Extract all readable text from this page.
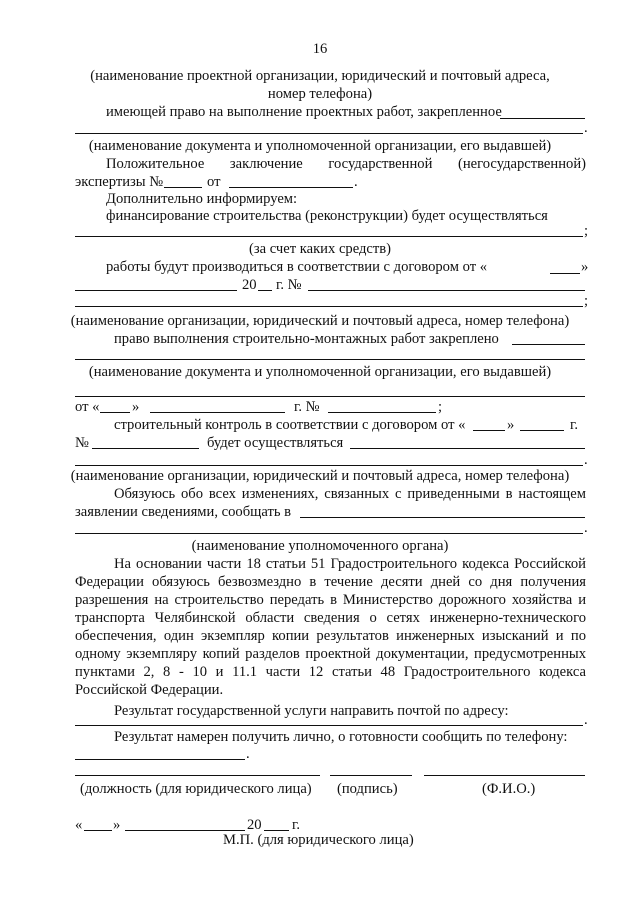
16
(наименование проектной организации, юридический и почтовый адреса,
номер телефона)
имеющей право на выполнение проектных работ, закрепленное
.
(наименование документа и уполномоченной организации, его выдавшей)
Положительное заключение государственной (негосударственной)
экспертизы №	от	.
Дополнительно информируем:
финансирование строительства (реконструкции) будет осуществляться
;
(за счет каких средств)
работы будут производиться в соответствии с договором от «	»
20 г. №
;
(наименование организации, юридический и почтовый адреса, номер телефона)
право выполнения строительно-монтажных работ закреплено
(наименование документа и уполномоченной организации, его выдавшей)
от « »	г. №	;
строительный контроль в соответствии с договором от «	»	г.
№	будет осуществляться
.
(наименование организации, юридический и почтовый адреса, номер телефона)
Обязуюсь обо всех изменениях, связанных с приведенными в настоящем
заявлении сведениями, сообщать в
.
(наименование уполномоченного органа)
На основании части 18 статьи 51 Градостроительного кодекса Российской
Федерации обязуюсь безвозмездно в течение десяти дней со дня получения
разрешения на строительство передать в Министерство дорожного хозяйства и
транспорта Челябинской области сведения о сетях инженерно-технического
обеспечения, один экземпляр копии результатов инженерных изысканий и по
одному экземпляру копий разделов проектной документации, предусмотренных
пунктами 2, 8 - 10 и 11.1 части 12 статьи 48 Градостроительного кодекса
Российской Федерации.
Результат государственной услуги направить почтой по адресу:
.
Результат намерен получить лично, о готовности сообщить по телефону:
.
(должность (для юридического лица) (подпись)	(Ф.И.О.)
« »	20 г.
М.П. (для юридического лица)
